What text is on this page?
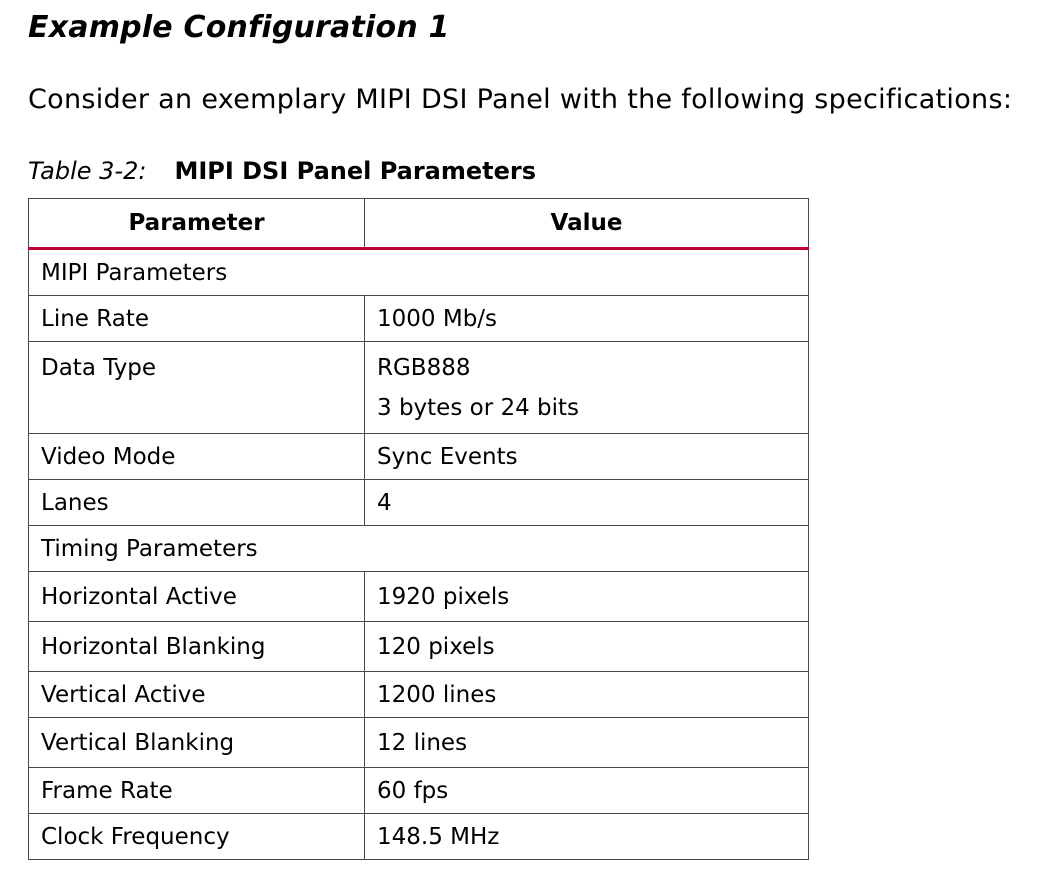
Example Configuration 1

Consider an exemplary MIPI DSI Panel with the following specifications:

Table 3-2: MIPI DSI Panel Parameters

Parameter	Value
MIPI Parameters	
Line Rate	1000 Mb/s

Data Type	RGB888
3 bytes or 24 bits

Video Mode	Sync Events
Lanes	4
Timing Parameters	
Horizontal Active	1920 pixels
Horizontal Blanking	120 pixels
Vertical Active	1200 lines
Vertical Blanking	12 lines
Frame Rate	60 fps
Clock Frequency	148.5 MHz
